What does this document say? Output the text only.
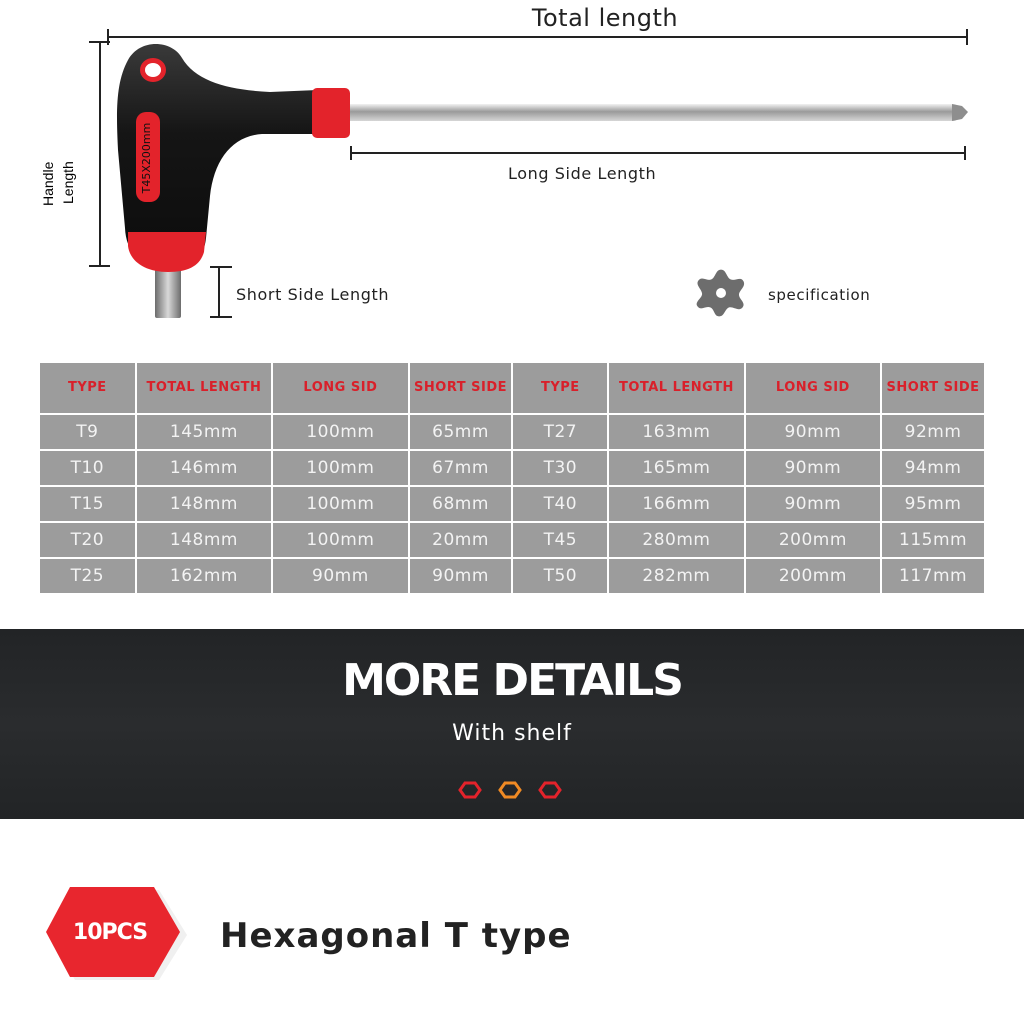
T45X200mm
Total length
Long Side Length
Short Side Length	specification
Handle Length
TYPE	TOTAL LENGTH	LONG SID	SHORT SIDE	TYPE	TOTAL LENGTH	LONG SID	SHORT SIDE
T9	145mm	100mm	65mm	T27	163mm	90mm	92mm
T10	146mm	100mm	67mm	T30	165mm	90mm	94mm
T15	148mm	100mm	68mm	T40	166mm	90mm	95mm
T20	148mm	100mm	20mm	T45	280mm	200mm	115mm
T25	162mm	90mm	90mm	T50	282mm	200mm	117mm
MORE DETAILS
With shelf
10PCS	Hexagonal T type
